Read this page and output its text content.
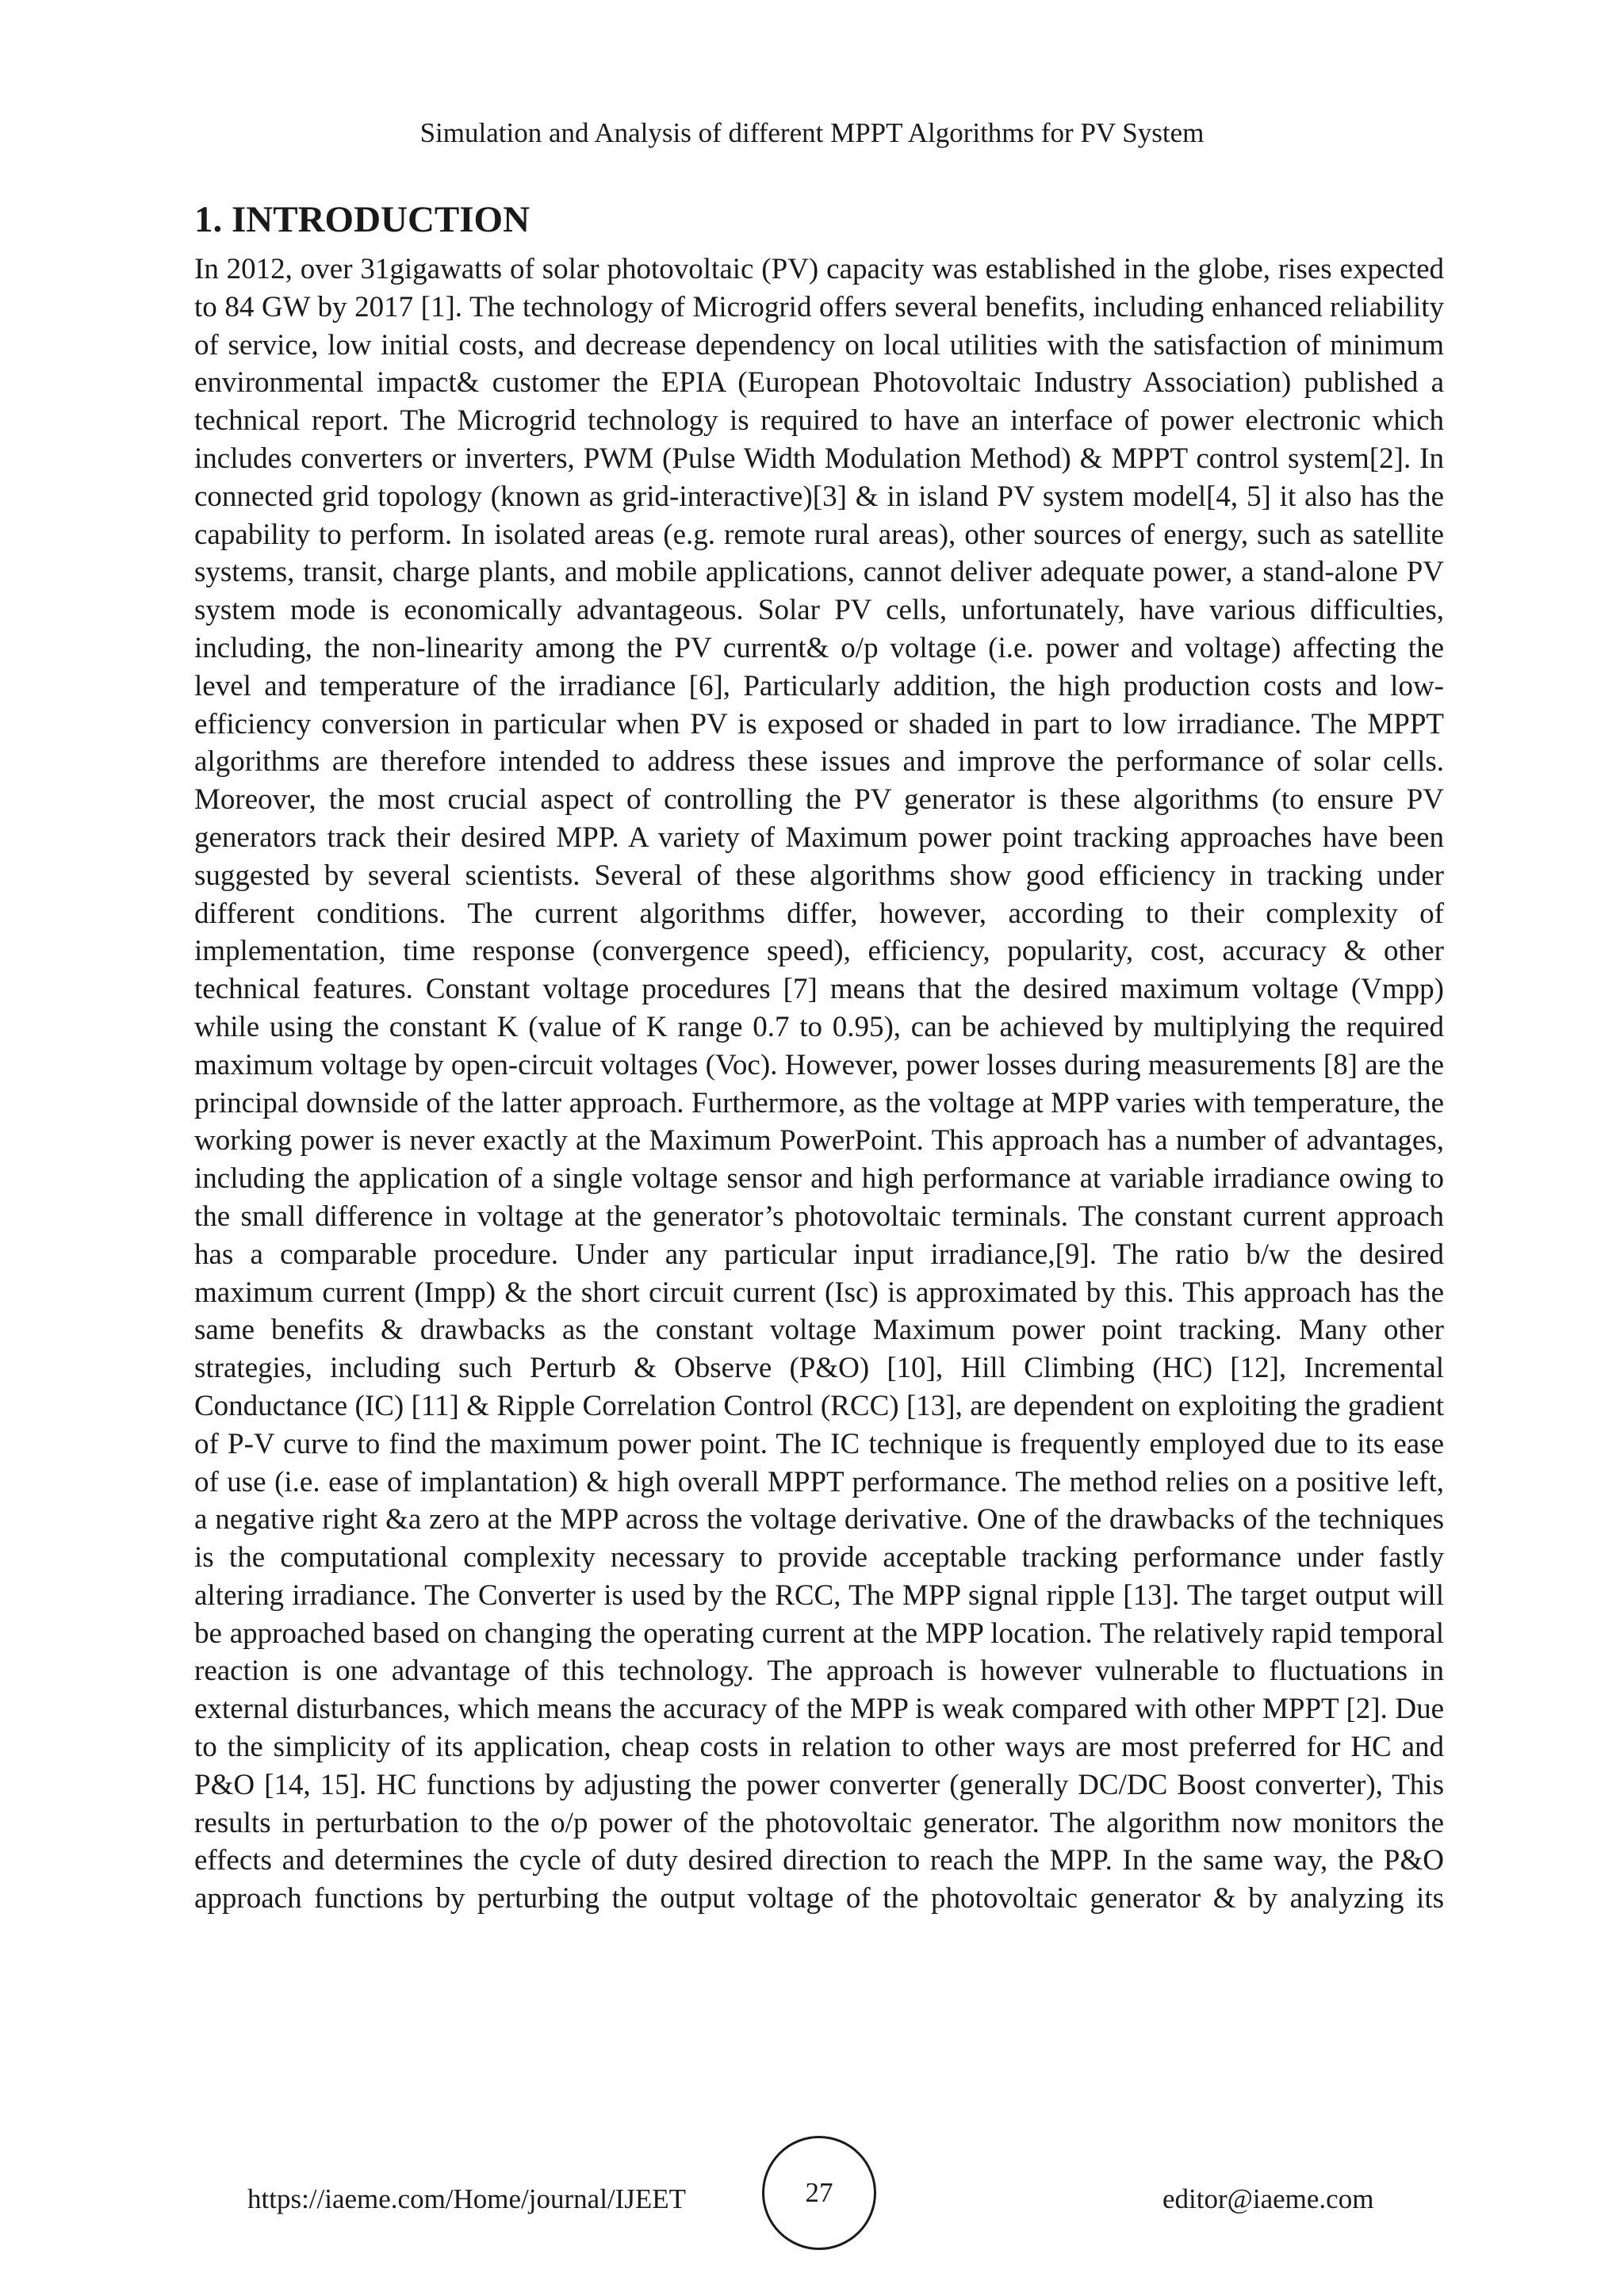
Simulation and Analysis of different MPPT Algorithms for PV System
1. INTRODUCTION

In 2012, over 31gigawatts of solar photovoltaic (PV) capacity was established in the globe, rises expected to 84 GW by 2017 [1]. The technology of Microgrid offers several benefits, including enhanced reliability of service, low initial costs, and decrease dependency on local utilities with the satisfaction of minimum environmental impact& customer the EPIA (European Photovoltaic Industry Association) published a technical report. The Microgrid technology is required to have an interface of power electronic which includes converters or inverters, PWM (Pulse Width Modulation Method) & MPPT control system[2]. In connected grid topology (known as grid-interactive)[3] & in island PV system model[4, 5] it also has the capability to perform. In isolated areas (e.g. remote rural areas), other sources of energy, such as satellite systems, transit, charge plants, and mobile applications, cannot deliver adequate power, a stand-alone PV system mode is economically advantageous. Solar PV cells, unfortunately, have various difficulties, including, the non-linearity among the PV current& o/p voltage (i.e. power and voltage) affecting the level and temperature of the irradiance [6], Particularly addition, the high production costs and low-efficiency conversion in particular when PV is exposed or shaded in part to low irradiance. The MPPT algorithms are therefore intended to address these issues and improve the performance of solar cells. Moreover, the most crucial aspect of controlling the PV generator is these algorithms (to ensure PV generators track their desired MPP. A variety of Maximum power point tracking approaches have been suggested by several scientists. Several of these algorithms show good efficiency in tracking under different conditions. The current algorithms differ, however, according to their complexity of implementation, time response (convergence speed), efficiency, popularity, cost, accuracy & other technical features. Constant voltage procedures [7] means that the desired maximum voltage (Vmpp) while using the constant K (value of K range 0.7 to 0.95), can be achieved by multiplying the required maximum voltage by open-circuit voltages (Voc). However, power losses during measurements [8] are the principal downside of the latter approach. Furthermore, as the voltage at MPP varies with temperature, the working power is never exactly at the Maximum PowerPoint. This approach has a number of advantages, including the application of a single voltage sensor and high performance at variable irradiance owing to the small difference in voltage at the generator’s photovoltaic terminals. The constant current approach has a comparable procedure. Under any particular input irradiance,[9]. The ratio b/w the desired maximum current (Impp) & the short circuit current (Isc) is approximated by this. This approach has the same benefits & drawbacks as the constant voltage Maximum power point tracking. Many other strategies, including such Perturb & Observe (P&O) [10], Hill Climbing (HC) [12], Incremental Conductance (IC) [11] & Ripple Correlation Control (RCC) [13], are dependent on exploiting the gradient of P-V curve to find the maximum power point. The IC technique is frequently employed due to its ease of use (i.e. ease of implantation) & high overall MPPT performance. The method relies on a positive left, a negative right &a zero at the MPP across the voltage derivative. One of the drawbacks of the techniques is the computational complexity necessary to provide acceptable tracking performance under fastly altering irradiance. The Converter is used by the RCC, The MPP signal ripple [13]. The target output will be approached based on changing the operating current at the MPP location. The relatively rapid temporal reaction is one advantage of this technology. The approach is however vulnerable to fluctuations in external disturbances, which means the accuracy of the MPP is weak compared with other MPPT [2]. Due to the simplicity of its application, cheap costs in relation to other ways are most preferred for HC and P&O [14, 15]. HC functions by adjusting the power converter (generally DC/DC Boost converter), This results in perturbation to the o/p power of the photovoltaic generator. The algorithm now monitors the effects and determines the cycle of duty desired direction to reach the MPP. In the same way, the P&O approach functions by perturbing the output voltage of the photovoltaic generator & by analyzing its

https://iaeme.com/Home/journal/IJEET	27	editor@iaeme.com
